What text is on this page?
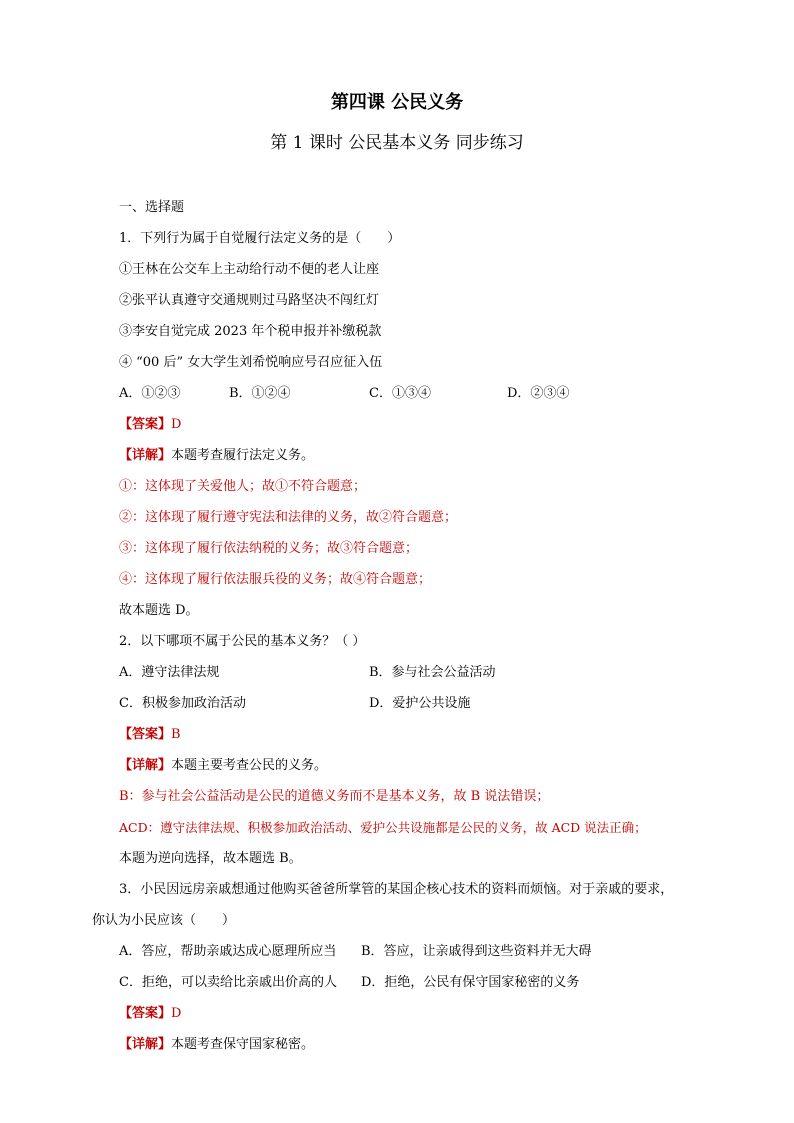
第四课 公民义务
第 1 课时 公民基本义务 同步练习
一、选择题
1．下列行为属于自觉履行法定义务的是（　　）
①王林在公交车上主动给行动不便的老人让座
②张平认真遵守交通规则过马路坚决不闯红灯
③李安自觉完成 2023 年个税申报并补缴税款
④ “00 后” 女大学生刘希悦响应号召应征入伍
A．①②③	B．①②④	C．①③④	D．②③④
【答案】D
【详解】本题考查履行法定义务。
①：这体现了关爱他人；故①不符合题意；
②：这体现了履行遵守宪法和法律的义务，故②符合题意；
③：这体现了履行依法纳税的义务；故③符合题意；
④：这体现了履行依法服兵役的义务；故④符合题意；
故本题选 D。
2．以下哪项不属于公民的基本义务？（ ）
A．遵守法律法规	B．参与社会公益活动
C．积极参加政治活动	D．爱护公共设施
【答案】B
【详解】本题主要考查公民的义务。
B：参与社会公益活动是公民的道德义务而不是基本义务，故 B 说法错误；
ACD：遵守法律法规、积极参加政治活动、爱护公共设施都是公民的义务，故 ACD 说法正确；
本题为逆向选择，故本题选 B。
3．小民因远房亲戚想通过他购买爸爸所掌管的某国企核心技术的资料而烦恼。对于亲戚的要求，
你认为小民应该（　　）
A．答应，帮助亲戚达成心愿理所应当 B．答应，让亲戚得到这些资料并无大碍
C．拒绝，可以卖给比亲戚出价高的人 D．拒绝，公民有保守国家秘密的义务
【答案】D
【详解】本题考查保守国家秘密。
